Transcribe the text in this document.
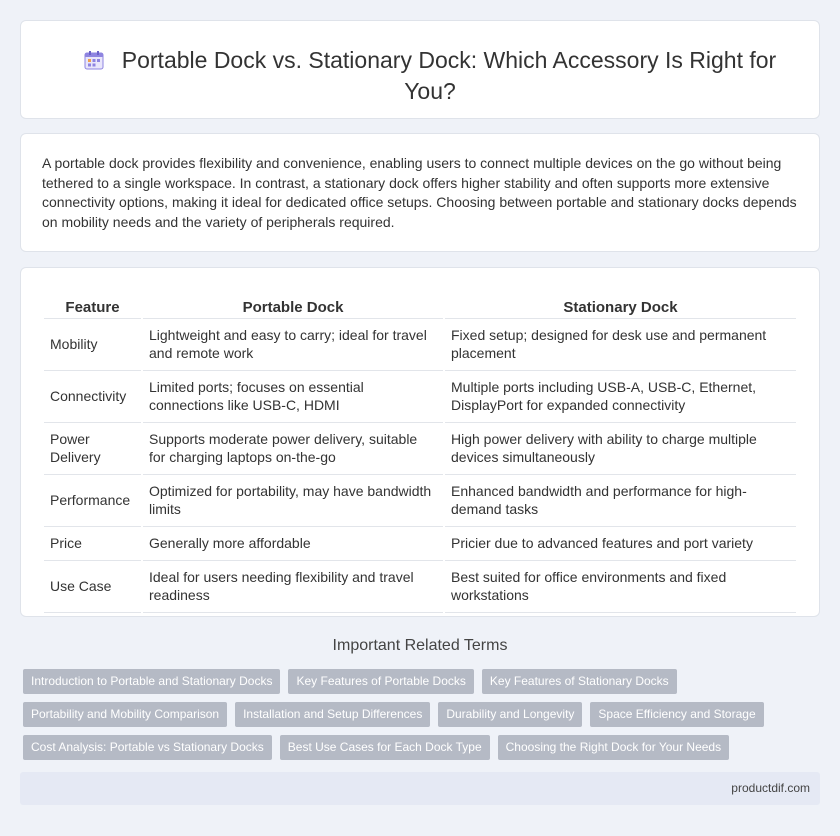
Portable Dock vs. Stationary Dock: Which Accessory Is Right for You?

A portable dock provides flexibility and convenience, enabling users to connect multiple devices on the go without being tethered to a single workspace. In contrast, a stationary dock offers higher stability and often supports more extensive connectivity options, making it ideal for dedicated office setups. Choosing between portable and stationary docks depends on mobility needs and the variety of peripherals required.

Feature	Portable Dock	Stationary Dock
Mobility	Lightweight and easy to carry; ideal for travel and remote work	Fixed setup; designed for desk use and permanent placement
Connectivity	Limited ports; focuses on essential connections like USB-C, HDMI	Multiple ports including USB-A, USB-C, Ethernet, DisplayPort for expanded connectivity
Power Delivery	Supports moderate power delivery, suitable for charging laptops on-the-go	High power delivery with ability to charge multiple devices simultaneously
Performance	Optimized for portability, may have bandwidth limits	Enhanced bandwidth and performance for high-demand tasks
Price	Generally more affordable	Pricier due to advanced features and port variety
Use Case	Ideal for users needing flexibility and travel readiness	Best suited for office environments and fixed workstations
Important Related Terms
Introduction to Portable and Stationary Docks	Key Features of Portable Docks	Key Features of Stationary Docks
Portability and Mobility Comparison	Installation and Setup Differences	Durability and Longevity	Space Efficiency and Storage
Cost Analysis: Portable vs Stationary Docks	Best Use Cases for Each Dock Type	Choosing the Right Dock for Your Needs
productdif.com
